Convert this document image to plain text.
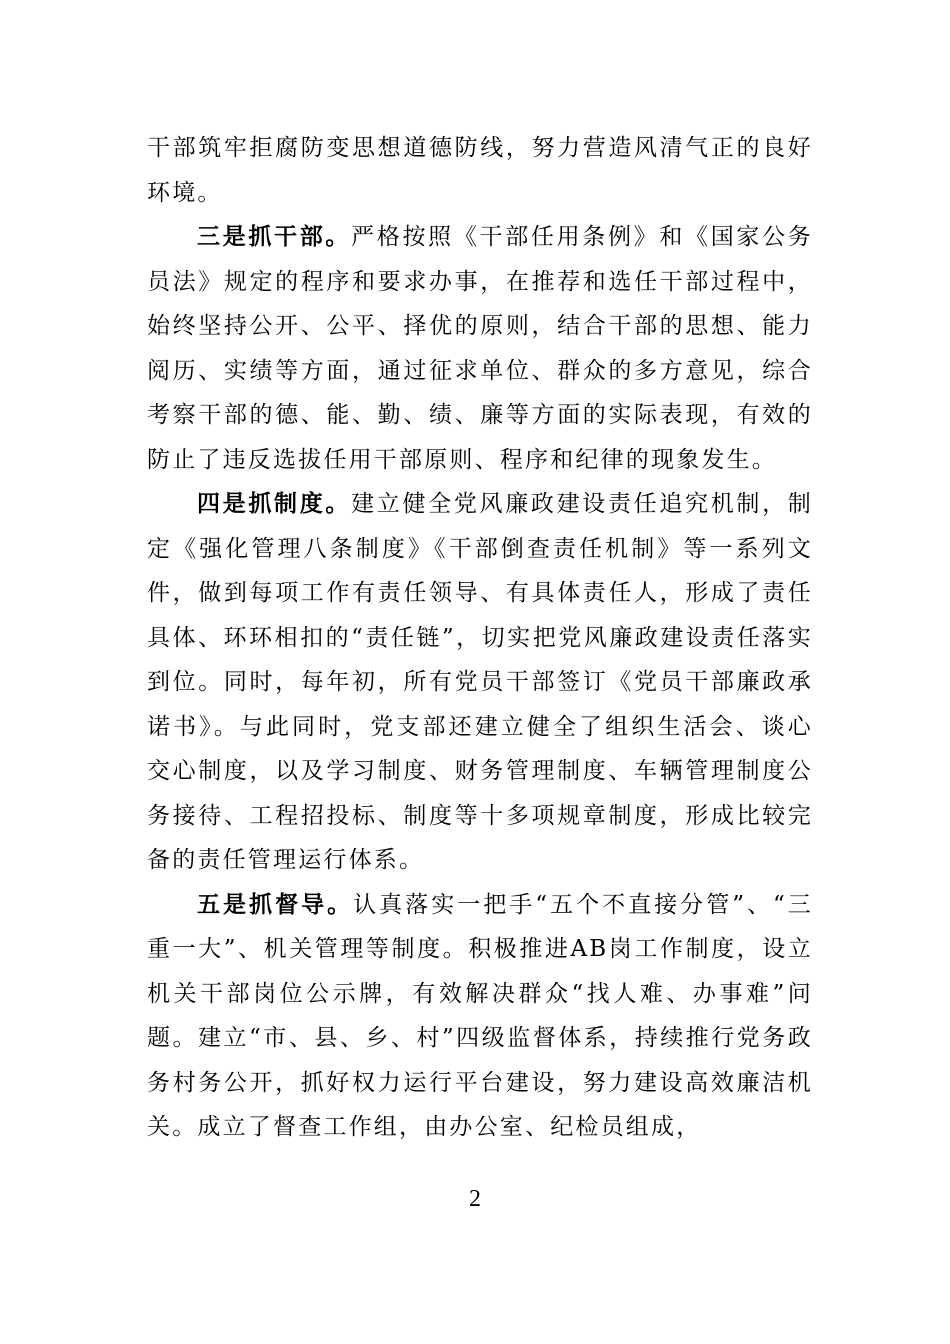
干部筑牢拒腐防变思想道德防线，努力营造风清气正的良好环境。

三是抓干部。严格按照《干部任用条例》和《国家公务员法》规定的程序和要求办事，在推荐和选任干部过程中，始终坚持公开、公平、择优的原则，结合干部的思想、能力阅历、实绩等方面，通过征求单位、群众的多方意见，综合考察干部的德、能、勤、绩、廉等方面的实际表现，有效的防止了违反选拔任用干部原则、程序和纪律的现象发生。

四是抓制度。建立健全党风廉政建设责任追究机制，制定《强化管理八条制度》《干部倒查责任机制》等一系列文件，做到每项工作有责任领导、有具体责任人，形成了责任具体、环环相扣的“责任链”，切实把党风廉政建设责任落实到位。同时，每年初，所有党员干部签订《党员干部廉政承诺书》。与此同时，党支部还建立健全了组织生活会、谈心交心制度，以及学习制度、财务管理制度、车辆管理制度公务接待、工程招投标、制度等十多项规章制度，形成比较完备的责任管理运行体系。

五是抓督导。认真落实一把手“五个不直接分管”、“三重一大”、机关管理等制度。积极推进AB岗工作制度，设立机关干部岗位公示牌，有效解决群众“找人难、办事难”问题。建立“市、县、乡、村”四级监督体系，持续推行党务政务村务公开，抓好权力运行平台建设，努力建设高效廉洁机关。成立了督查工作组，由办公室、纪检员组成，

2
